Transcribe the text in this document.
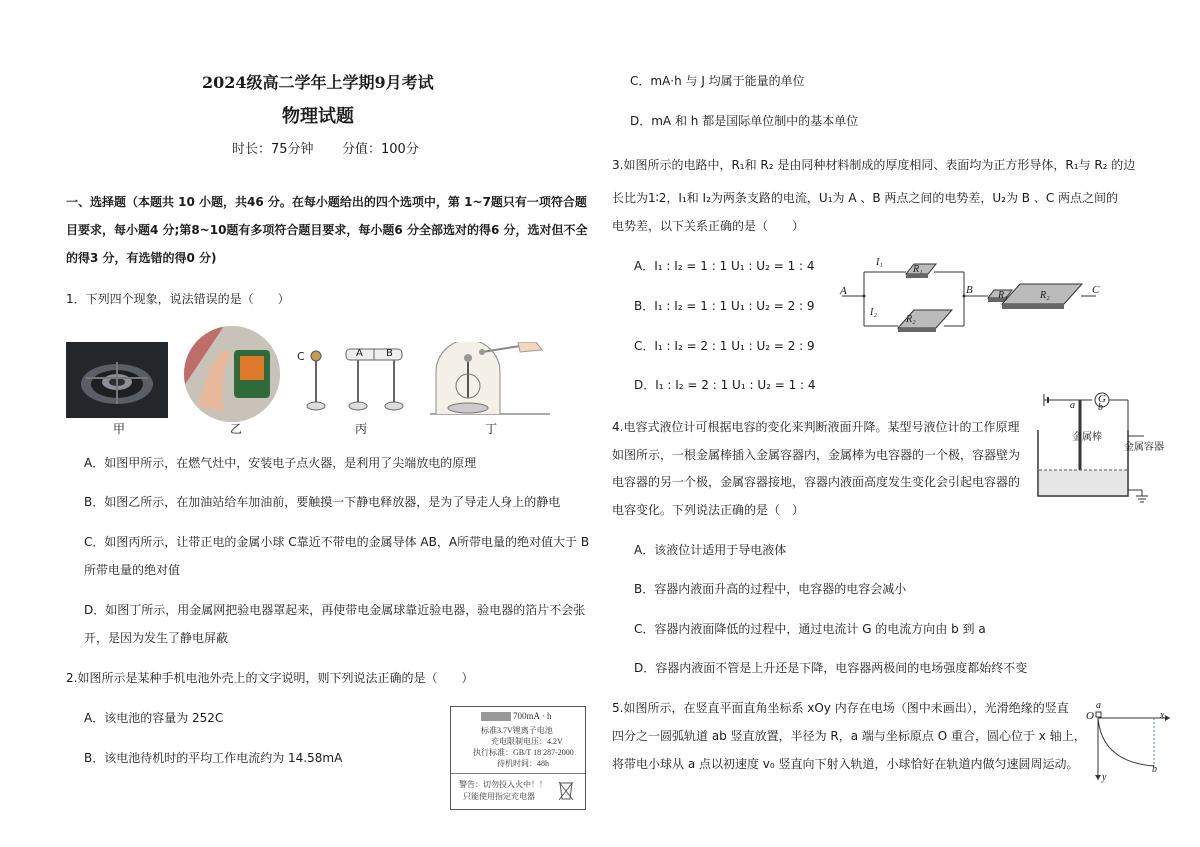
2024级高二学年上学期9月考试
物理试题
时长：75分钟 分值：100分
一、选择题（本题共 10 小题，共46 分。在每小题给出的四个选项中，第 1~7题只有一项符合题目要求，每小题4 分;第8~10题有多项符合题目要求，每小题6 分全部选对的得6 分，选对但不全的得3 分，有选错的得0 分)
1．下列四个现象，说法错误的是（　　）
C	A B
甲	乙	丙	丁
A．如图甲所示，在燃气灶中，安装电子点火器，是利用了尖端放电的原理
B．如图乙所示，在加油站给车加油前，要触摸一下静电释放器，是为了导走人身上的静电
C．如图丙所示，让带正电的金属小球 C靠近不带电的金属导体 AB，A所带电量的绝对值大于 B
所带电量的绝对值
D．如图丁所示，用金属网把验电器罩起来，再使带电金属球靠近验电器，验电器的箔片不会张
开，是因为发生了静电屏蔽
2.如图所示是某种手机电池外壳上的文字说明，则下列说法正确的是（　　）
A．该电池的容量为 252C
B．该电池待机时的平均工作电流约为 14.58mA
700mA · h
标准3.7V锂离子电池
充电限制电压：4.2V
执行标准：GB/T 18 287-2000
待机时间：48h
警告：切勿投入火中！！
只能使用指定充电器
C．mA·h 与 J 均属于能量的单位
D．mA 和 h 都是国际单位制中的基本单位
3.如图所示的电路中，R₁和 R₂ 是由同种材料制成的厚度相同、表面均为正方形导体，R₁与 R₂ 的边
长比为1∶2，I₁和 I₂为两条支路的电流，U₁为 A 、B 两点之间的电势差，U₂为 B 、C 两点之间的
电势差，以下关系正确的是（　　）
A．I₁ : I₂ = 1 : 1 U₁ : U₂ = 1 : 4
B．I₁ : I₂ = 1 : 1 U₁ : U₂ = 2 : 9
C．I₁ : I₂ = 2 : 1 U₁ : U₂ = 2 : 9
D．I₁ : I₂ = 2 : 1 U₁ : U₂ = 1 : 4
A	B	C
I₁
I₂
R₁
R₂
R₁	R₂
4.电容式液位计可根据电容的变化来判断液面升降。某型号液位计的工作原理
如图所示，一根金属棒插入金属容器内，金属棒为电容器的一个极，容器壁为
电容器的另一个极，金属容器接地，容器内液面高度发生变化会引起电容器的
电容变化。下列说法正确的是（　）
G
a b
金属棒
金属容器
A．该液位计适用于导电液体
B．容器内液面升高的过程中，电容器的电容会减小
C．容器内液面降低的过程中，通过电流计 G 的电流方向由 b 到 a
D．容器内液面不管是上升还是下降，电容器两极间的电场强度都始终不变
5.如图所示，在竖直平面直角坐标系 xOy 内存在电场（图中未画出），光滑绝缘的竖直
四分之一圆弧轨道 ab 竖直放置，半径为 R，a 端与坐标原点 O 重合，圆心位于 x 轴上，
将带电小球从 a 点以初速度 v₀ 竖直向下射入轨道，小球恰好在轨道内做匀速圆周运动。
O
a
b
x
y
